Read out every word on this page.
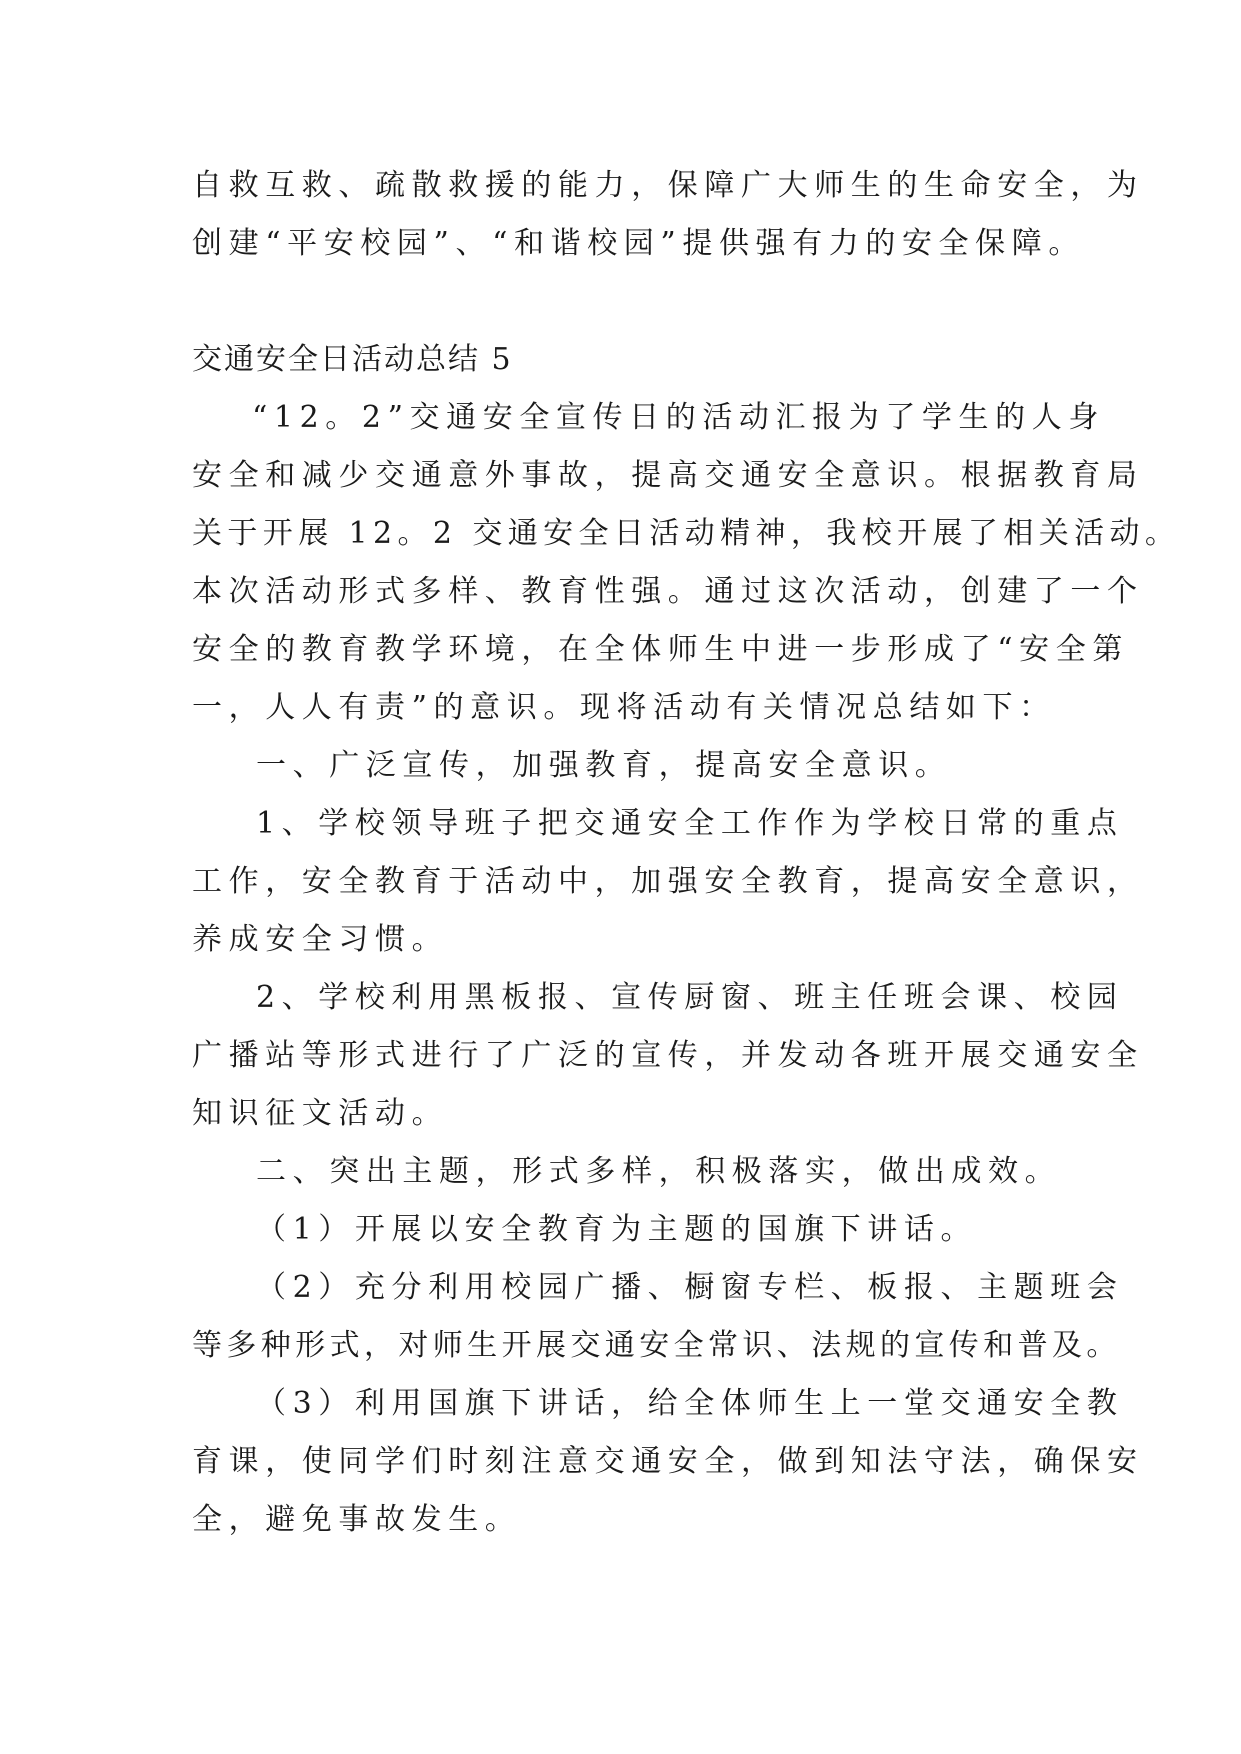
自救互救、疏散救援的能力，保障广大师生的生命安全，为
创建“平安校园”、“和谐校园”提供强有力的安全保障。
交通安全日活动总结 5
“12。2”交通安全宣传日的活动汇报为了学生的人身
安全和减少交通意外事故，提高交通安全意识。根据教育局
关于开展 12。2 交通安全日活动精神，我校开展了相关活动。
本次活动形式多样、教育性强。通过这次活动，创建了一个
安全的教育教学环境，在全体师生中进一步形成了“安全第
一，人人有责”的意识。现将活动有关情况总结如下：
一、广泛宣传，加强教育，提高安全意识。
1、学校领导班子把交通安全工作作为学校日常的重点
工作，安全教育于活动中，加强安全教育，提高安全意识，
养成安全习惯。
2、学校利用黑板报、宣传厨窗、班主任班会课、校园
广播站等形式进行了广泛的宣传，并发动各班开展交通安全
知识征文活动。
二、突出主题，形式多样，积极落实，做出成效。
（1）开展以安全教育为主题的国旗下讲话。
（2）充分利用校园广播、橱窗专栏、板报、主题班会
等多种形式，对师生开展交通安全常识、法规的宣传和普及。
（3）利用国旗下讲话，给全体师生上一堂交通安全教
育课，使同学们时刻注意交通安全，做到知法守法，确保安
全，避免事故发生。
